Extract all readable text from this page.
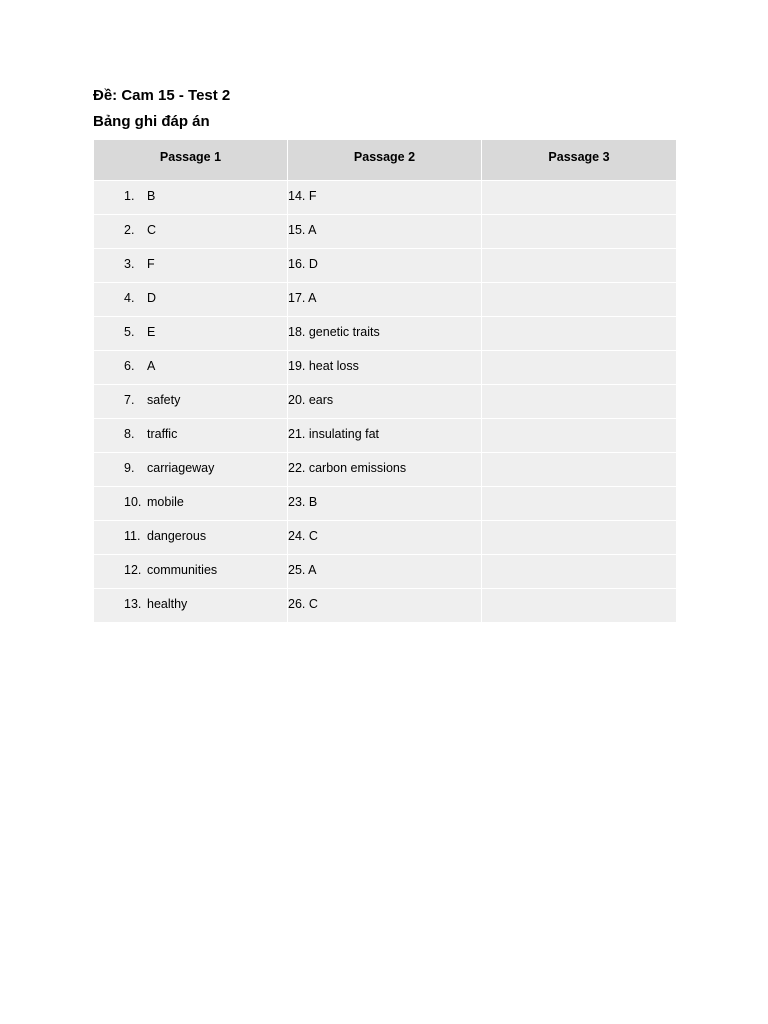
Đề: Cam 15 - Test 2
Bảng ghi đáp án
Passage 1	Passage 2	Passage 3
1. B	14. F	
2. C	15. A	
3. F	16. D	
4. D	17. A	
5. E	18. genetic traits	
6. A	19. heat loss	
7. safety	20. ears	
8. traffic	21. insulating fat	
9. carriageway	22. carbon emissions	
10. mobile	23. B	
11. dangerous	24. C	
12. communities	25. A	
13. healthy	26. C	
